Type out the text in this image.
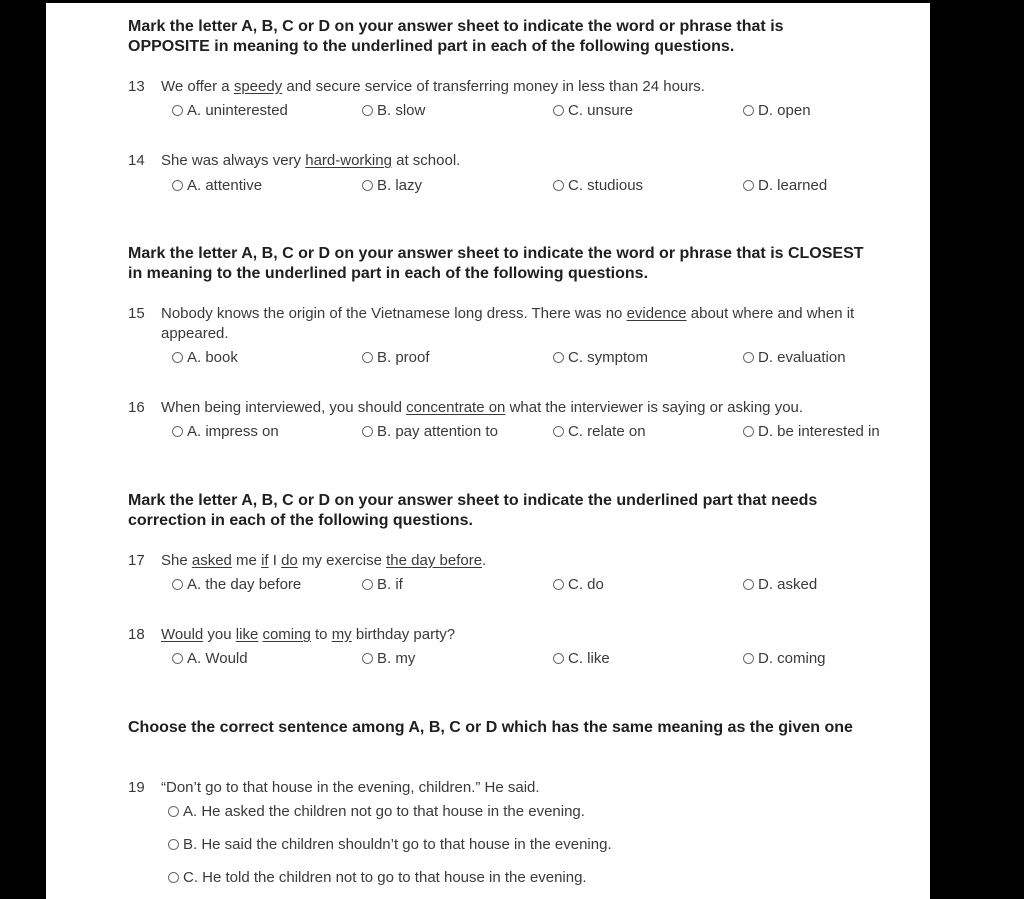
Mark the letter A, B, C or D on your answer sheet to indicate the word or phrase that is OPPOSITE in meaning to the underlined part in each of the following questions.
13	We offer a speedy and secure service of transferring money in less than 24 hours.
A. uninterested	B. slow	C. unsure	D. open
14	She was always very hard-working at school.
A. attentive	B. lazy	C. studious	D. learned
Mark the letter A, B, C or D on your answer sheet to indicate the word or phrase that is CLOSEST in meaning to the underlined part in each of the following questions.
15	Nobody knows the origin of the Vietnamese long dress. There was no evidence about where and when it appeared.
A. book	B. proof	C. symptom	D. evaluation
16	When being interviewed, you should concentrate on what the interviewer is saying or asking you.
A. impress on	B. pay attention to	C. relate on	D. be interested in
Mark the letter A, B, C or D on your answer sheet to indicate the underlined part that needs correction in each of the following questions.
17	She asked me if I do my exercise the day before.
A. the day before	B. if	C. do	D. asked
18	Would you like coming to my birthday party?
A. Would	B. my	C. like	D. coming
Choose the correct sentence among A, B, C or D which has the same meaning as the given one
19	“Don’t go to that house in the evening, children.” He said.
A. He asked the children not go to that house in the evening.
B. He said the children shouldn’t go to that house in the evening.
C. He told the children not to go to that house in the evening.
